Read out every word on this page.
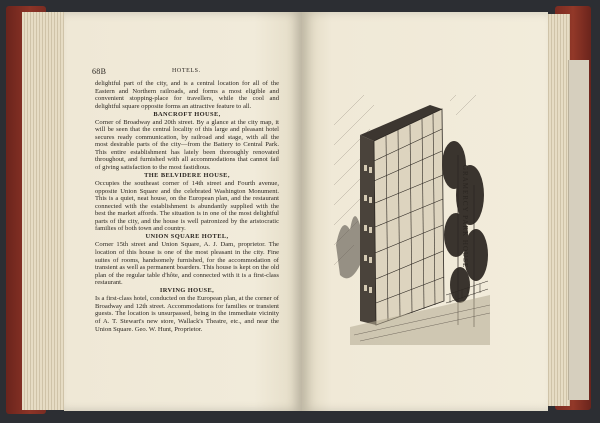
68B	HOTELS.

delightful part of the city, and is a central location for all of the Eastern and Northern railroads, and forms a most eligible and convenient stopping-place for travellers, while the cool and delightful square opposite forms an attractive feature to all.

BANCROFT HOUSE,

Corner of Broadway and 20th street. By a glance at the city map, it will be seen that the central locality of this large and pleasant hotel secures ready communication, by railroad and stage, with all the most desirable parts of the city—from the Battery to Central Park. This entire establishment has lately been thoroughly renovated throughout, and furnished with all accommodations that cannot fail of giving satisfaction to the most fastidious.

THE BELVIDERE HOUSE,

Occupies the southeast corner of 14th street and Fourth avenue, opposite Union Square and the celebrated Washington Monument. This is a quiet, neat house, on the European plan, and the restaurant connected with the establishment is abundantly supplied with the best the market affords. The situation is in one of the most delightful parts of the city, and the house is well patronized by the aristocratic families of both town and country.

UNION SQUARE HOTEL,

Corner 15th street and Union Square, A. J. Dam, proprietor. The location of this house is one of the most pleasant in the city. Fine suites of rooms, handsomely furnished, for the accommodation of transient as well as permanent boarders. This house is kept on the old plan of the regular table d'hôte, and connected with it is a first-class restaurant.

IRVING HOUSE,

Is a first-class hotel, conducted on the European plan, at the corner of Broadway and 12th street. Accommodations for families or transient guests. The location is unsurpassed, being in the immediate vicinity of A. T. Stewart's new store, Wallack's Theatre, etc., and near the Union Square. Geo. W. Hunt, Proprietor.

GRAMERCY PARK HOUSE.
